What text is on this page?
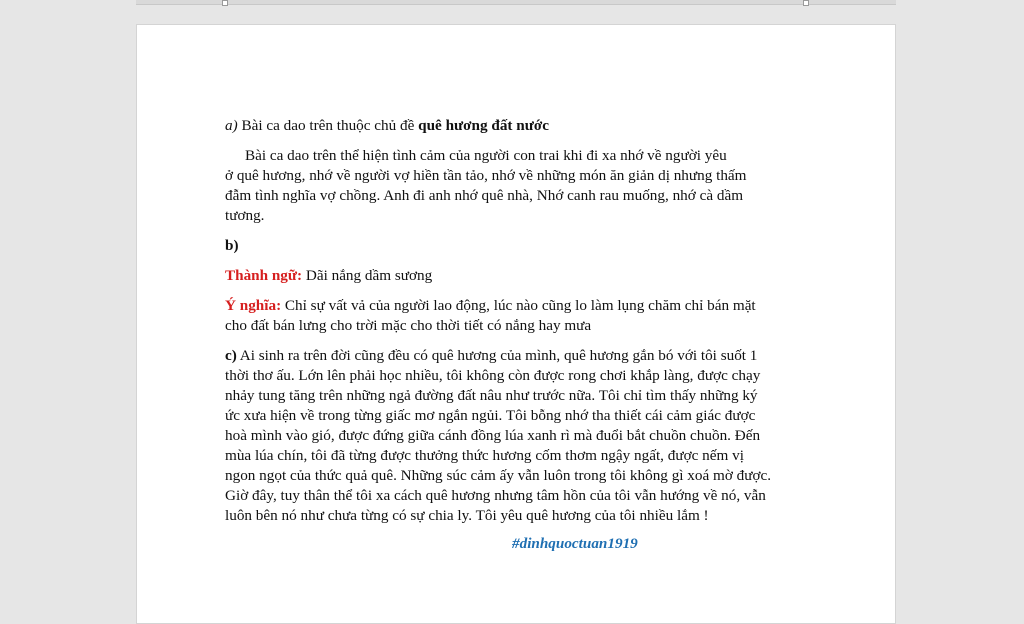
a) Bài ca dao trên thuộc chủ đề quê hương đất nước

Bài ca dao trên thể hiện tình cảm của người con trai khi đi xa nhớ về người yêu
ở quê hương, nhớ về người vợ hiền tần tảo, nhớ về những món ăn giản dị nhưng thấm
đẫm tình nghĩa vợ chồng. Anh đi anh nhớ quê nhà, Nhớ canh rau muống, nhớ cà dầm
tương.

b)

Thành ngữ: Dãi nắng dầm sương

Ý nghĩa: Chỉ sự vất vả của người lao động, lúc nào cũng lo làm lụng chăm chỉ bán mặt
cho đất bán lưng cho trời mặc cho thời tiết có nắng hay mưa

c) Ai sinh ra trên đời cũng đều có quê hương của mình, quê hương gắn bó với tôi suốt 1
thời thơ ấu. Lớn lên phải học nhiều, tôi không còn được rong chơi khắp làng, được chạy
nhảy tung tăng trên những ngả đường đất nâu như trước nữa. Tôi chỉ tìm thấy những ký
ức xưa hiện về trong từng giấc mơ ngắn ngủi. Tôi bỗng nhớ tha thiết cái cảm giác được
hoà mình vào gió, được đứng giữa cánh đồng lúa xanh rì mà đuổi bắt chuồn chuồn. Đến
mùa lúa chín, tôi đã từng được thưởng thức hương cốm thơm ngậy ngất, được nếm vị
ngon ngọt của thức quả quê. Những súc cảm ấy vẫn luôn trong tôi không gì xoá mờ được.
Giờ đây, tuy thân thể tôi xa cách quê hương nhưng tâm hồn của tôi vẫn hướng về nó, vẫn
luôn bên nó như chưa từng có sự chia ly. Tôi yêu quê hương của tôi nhiều lắm !

#dinhquoctuan1919
